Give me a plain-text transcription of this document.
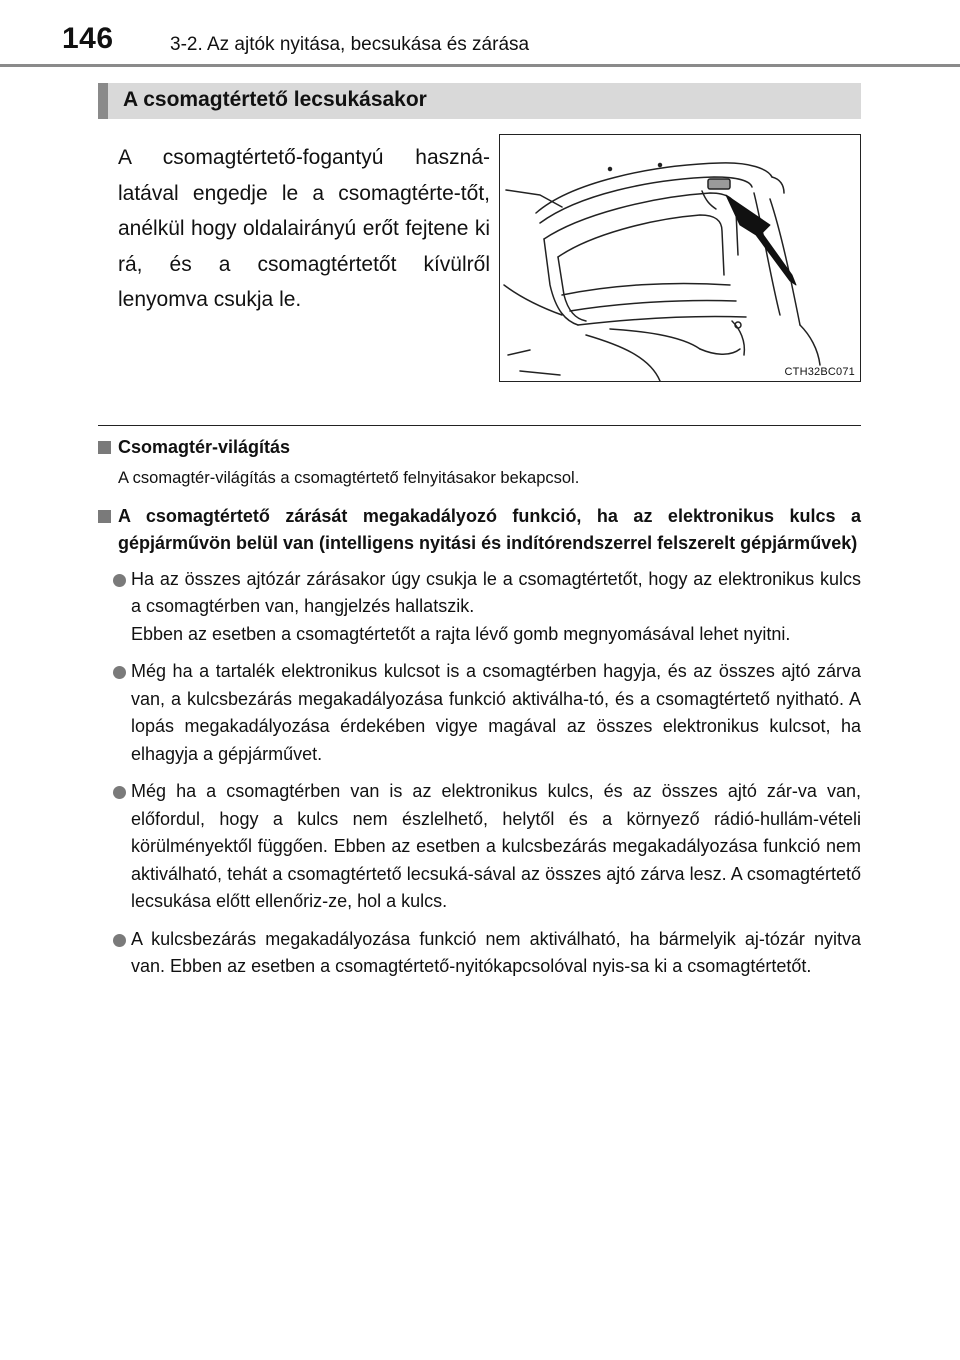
146	3-2. Az ajtók nyitása, becsukása és zárása
A csomagtértető lecsukásakor
A csomagtértető-fogantyú haszná-latával engedje le a csomagtérte-tőt, anélkül hogy oldalairányú erőt fejtene ki rá, és a csomagtértetőt kívülről lenyomva csukja le.
CTH32BC071
Csomagtér-világítás
A csomagtér-világítás a csomagtértető felnyitásakor bekapcsol.
A csomagtértető zárását megakadályozó funkció, ha az elektronikus kulcs a gépjárművön belül van (intelligens nyitási és indítórendszerrel felszerelt gépjárművek)
Ha az összes ajtózár zárásakor úgy csukja le a csomagtértetőt, hogy az elektronikus kulcs a csomagtérben van, hangjelzés hallatszik.
Ebben az esetben a csomagtértetőt a rajta lévő gomb megnyomásával lehet nyitni.
Még ha a tartalék elektronikus kulcsot is a csomagtérben hagyja, és az összes ajtó zárva van, a kulcsbezárás megakadályozása funkció aktiválha-tó, és a csomagtértető nyitható. A lopás megakadályozása érdekében vigye magával az összes elektronikus kulcsot, ha elhagyja a gépjárművet.
Még ha a csomagtérben van is az elektronikus kulcs, és az összes ajtó zár-va van, előfordul, hogy a kulcs nem észlelhető, helytől és a környező rádió-hullám-vételi körülményektől függően. Ebben az esetben a kulcsbezárás megakadályozása funkció nem aktiválható, tehát a csomagtértető lecsuká-sával az összes ajtó zárva lesz. A csomagtértető lecsukása előtt ellenőriz-ze, hol a kulcs.
A kulcsbezárás megakadályozása funkció nem aktiválható, ha bármelyik aj-tózár nyitva van. Ebben az esetben a csomagtértető-nyitókapcsolóval nyis-sa ki a csomagtértetőt.
